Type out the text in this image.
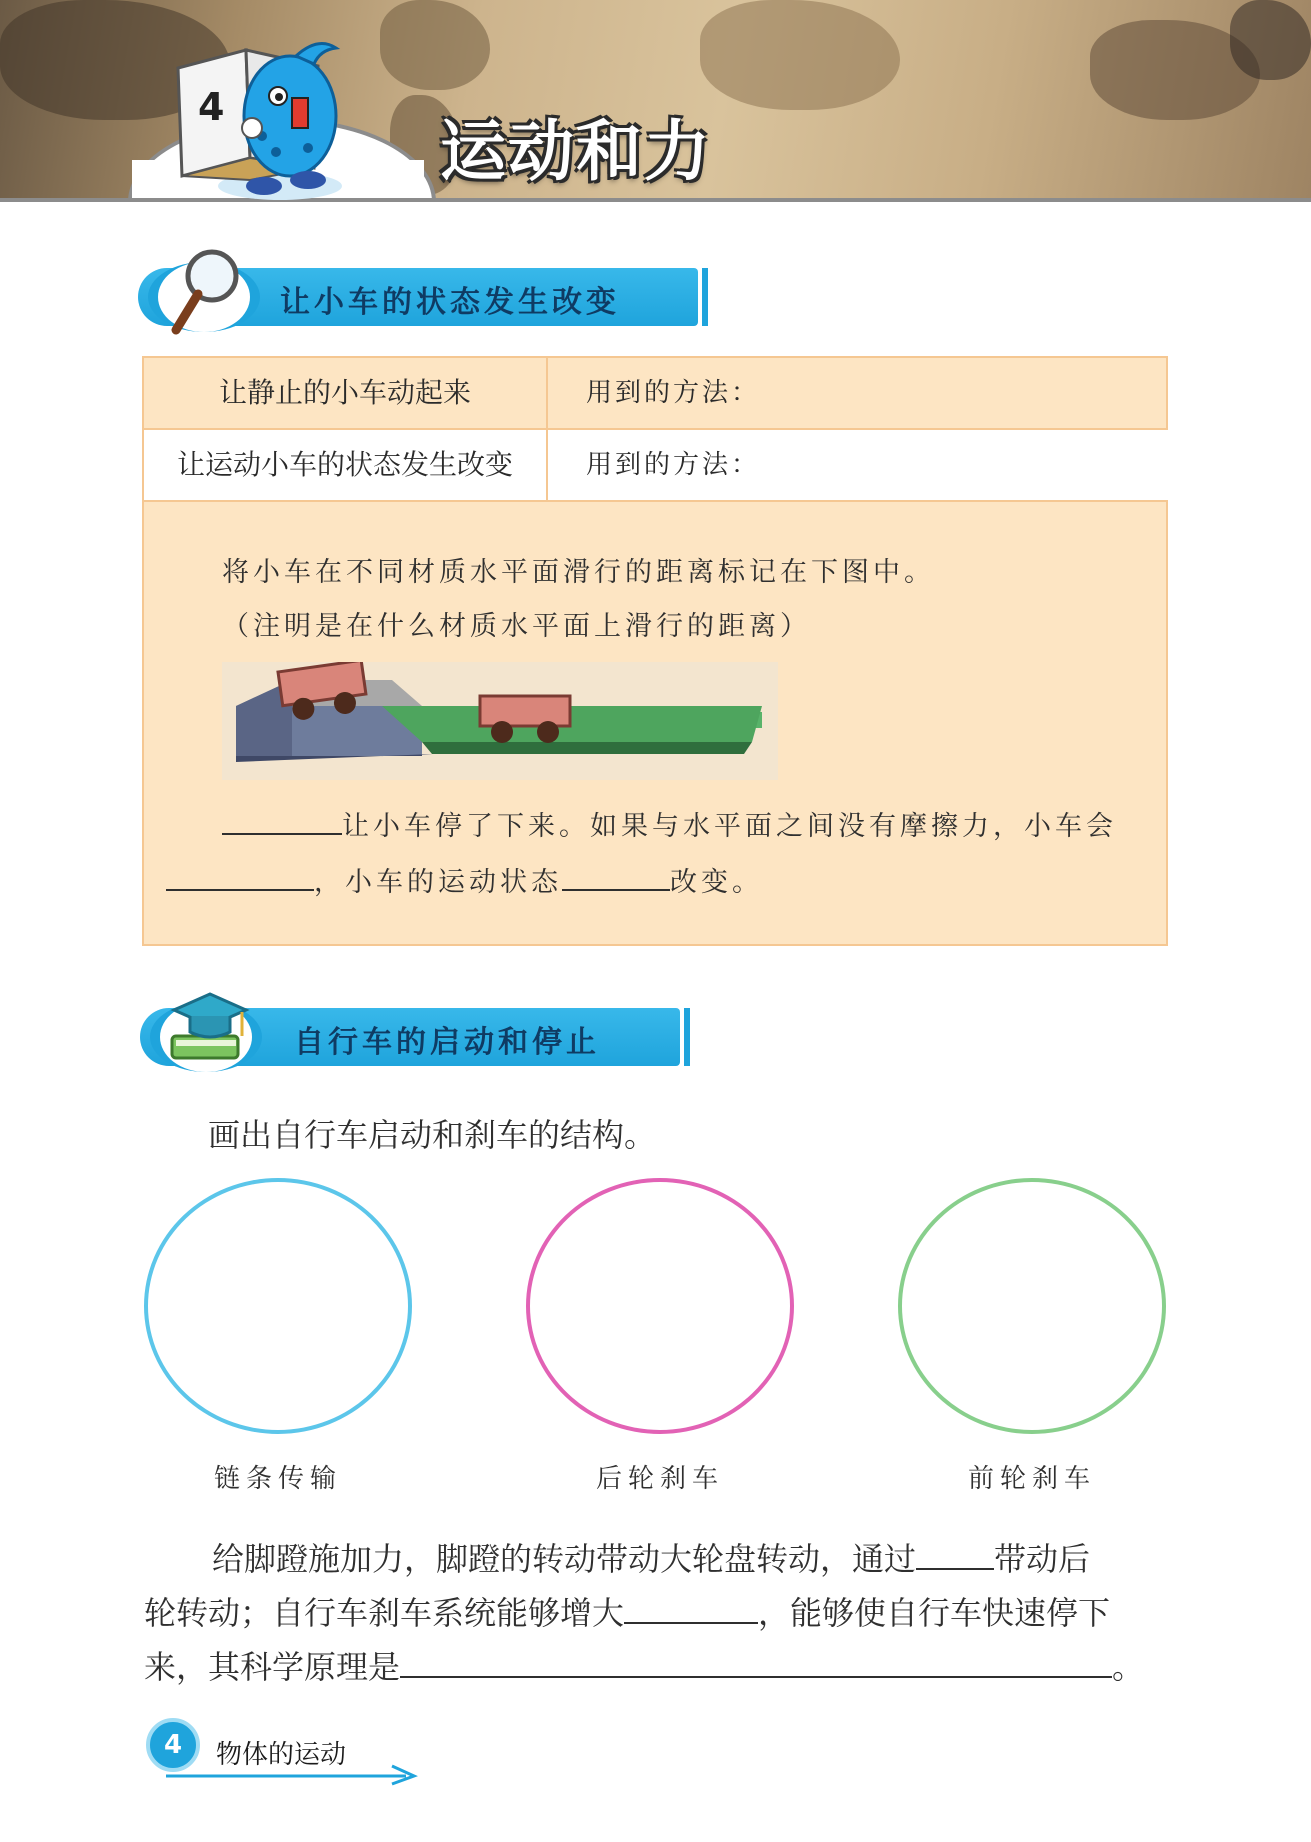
4
运动和力
让小车的状态发生改变
让静止的小车动起来	用到的方法：
让运动小车的状态发生改变	用到的方法：
将小车在不同材质水平面滑行的距离标记在下图中。
（注明是在什么材质水平面上滑行的距离）
让小车停了下来。如果与水平面之间没有摩擦力，小车会
，小车的运动状态	改变。
自行车的启动和停止
画出自行车启动和刹车的结构。
链条传输	后轮刹车	前轮刹车
给脚蹬施加力，脚蹬的转动带动大轮盘转动，通过 带动后
轮转动；自行车刹车系统能够增大	，能够使自行车快速停下
来，其科学原理是	。
4	物体的运动
